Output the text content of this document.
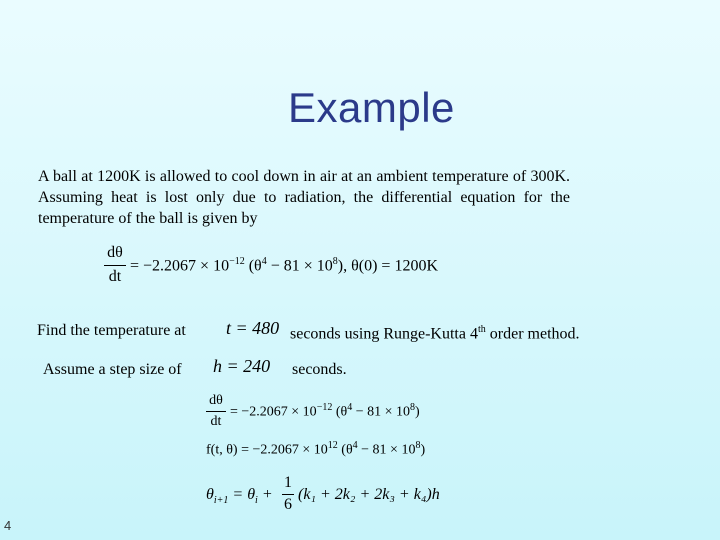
Example
A ball at 1200K is allowed to cool down in air at an ambient temperature of 300K. Assuming heat is lost only due to radiation, the differential equation for the temperature of the ball is given by
dθ
dt
= $-2.2067 \times 10^{-12}$ $(\theta^4 - 81 \times 10^8)$, θ(0) = 1200K
Find the temperature at t = 480 seconds using Runge-Kutta 4th order method.
Assume a step size of h = 240 seconds.
dθ
dt
= $-2.2067 \times 10^{-12}$ $(\theta^4 - 81 \times 10^8)$
f(t, $\theta) = -2.2067 \times 10^{12}$ $(\theta^4 - 81 \times 10^8)$
$\theta_{i+1} = \theta_i$ +
1
6
(k₁ + 2k₂ + 2k₃ + k₄)h
4
